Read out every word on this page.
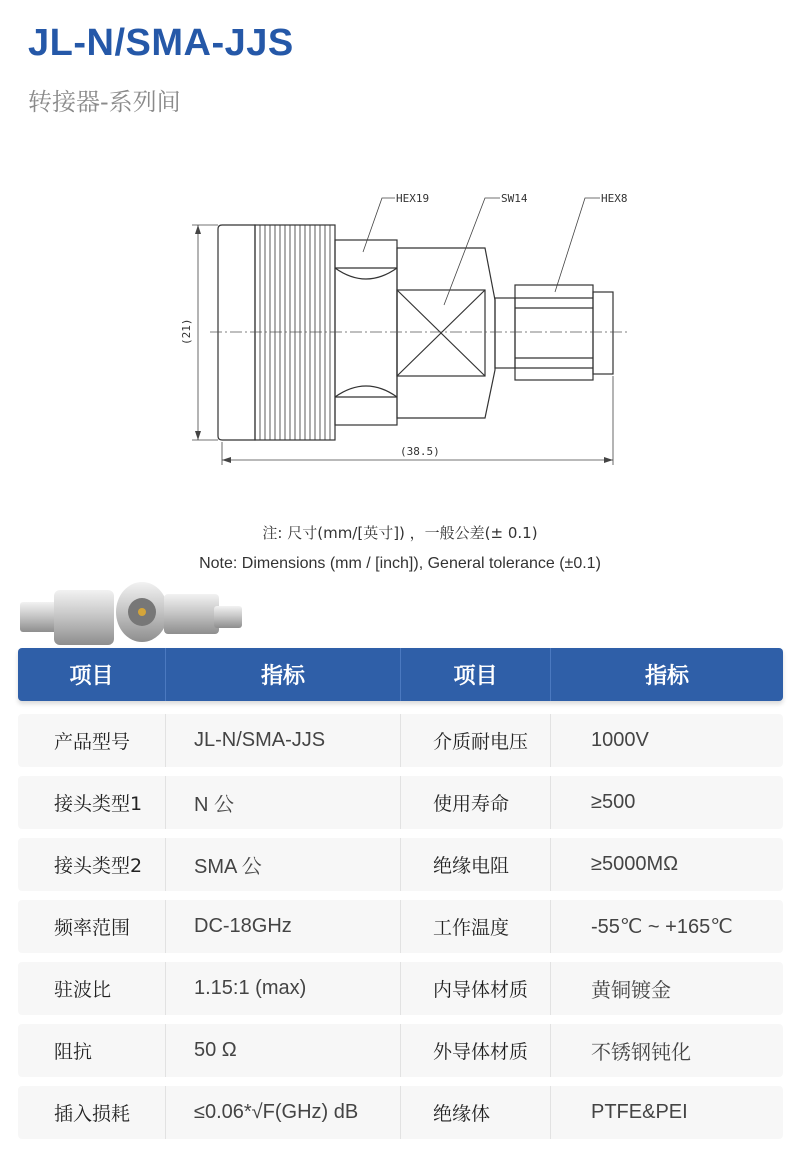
JL-N/SMA-JJS
转接器-系列间
HEX19	SW14	HEX8
(21)
(38.5)
注: 尺寸(mm/[英寸]) ，一般公差(± 0.1)
Note: Dimensions (mm / [inch]), General tolerance (±0.1)
项目	指标	项目	指标
产品型号	JL-N/SMA-JJS	介质耐电压	1000V
接头类型1	N 公	使用寿命	≥500
接头类型2	SMA 公	绝缘电阻	≥5000MΩ
频率范围	DC-18GHz	工作温度	-55℃ ~ +165℃
驻波比	1.15:1 (max)	内导体材质	黄铜镀金
阻抗	50 Ω	外导体材质	不锈钢钝化
插入损耗	≤0.06*√F(GHz) dB	绝缘体	PTFE&PEI
